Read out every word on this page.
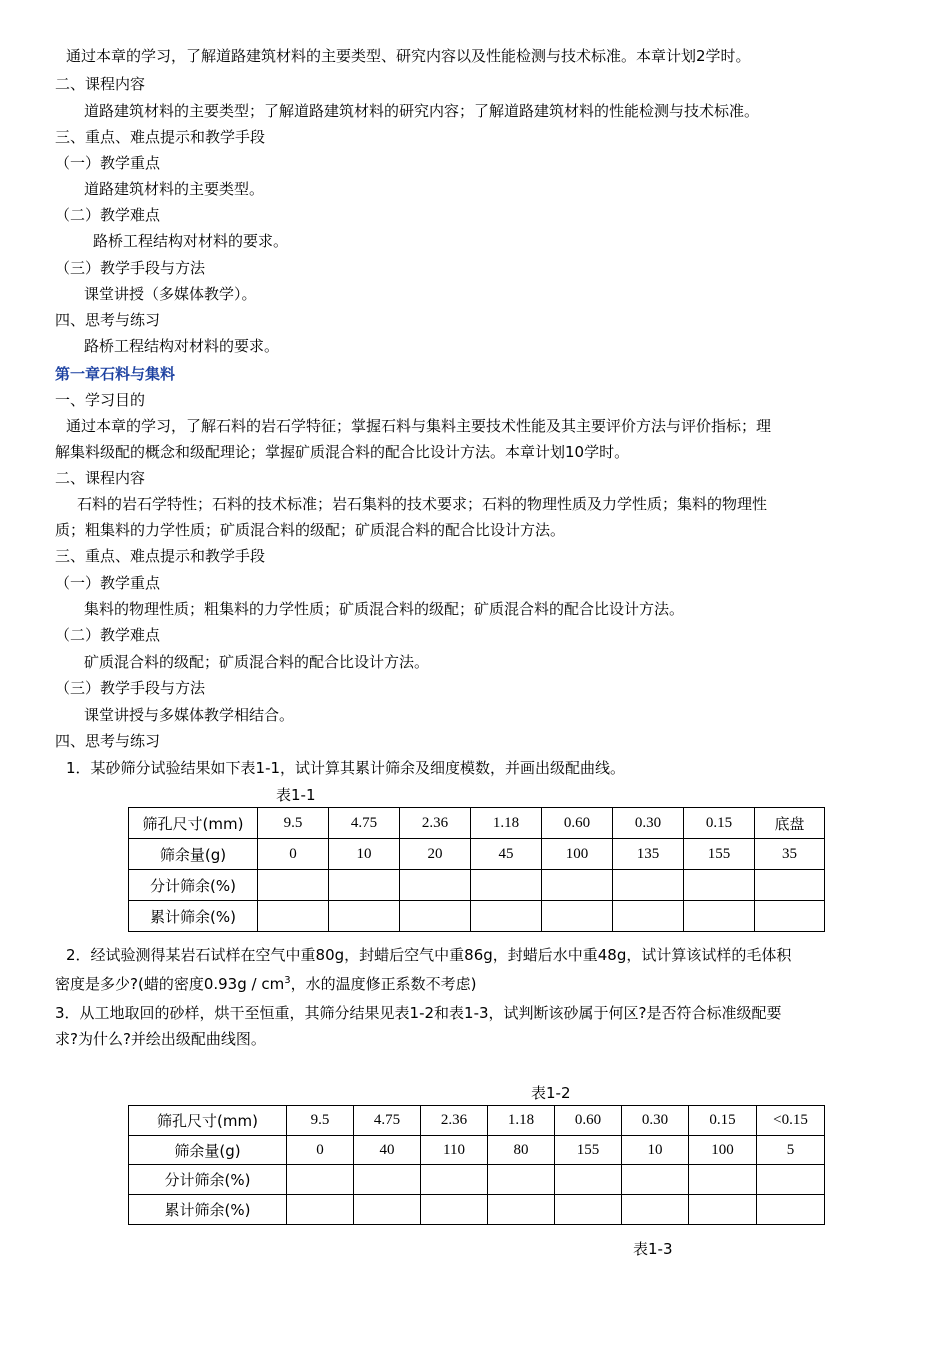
通过本章的学习，了解道路建筑材料的主要类型、研究内容以及性能检测与技术标准。本章计划2学时。
二、课程内容
道路建筑材料的主要类型；了解道路建筑材料的研究内容；了解道路建筑材料的性能检测与技术标准。
三、重点、难点提示和教学手段
（一）教学重点
道路建筑材料的主要类型。
（二）教学难点
路桥工程结构对材料的要求。
（三）教学手段与方法
课堂讲授（多媒体教学）。
四、思考与练习
路桥工程结构对材料的要求。
第一章石料与集料
一、学习目的
通过本章的学习，了解石料的岩石学特征；掌握石料与集料主要技术性能及其主要评价方法与评价指标；理
解集料级配的概念和级配理论；掌握矿质混合料的配合比设计方法。本章计划10学时。
二、课程内容
石料的岩石学特性；石料的技术标准；岩石集料的技术要求；石料的物理性质及力学性质；集料的物理性
质；粗集料的力学性质；矿质混合料的级配；矿质混合料的配合比设计方法。
三、重点、难点提示和教学手段
（一）教学重点
集料的物理性质；粗集料的力学性质；矿质混合料的级配；矿质混合料的配合比设计方法。
（二）教学难点
矿质混合料的级配；矿质混合料的配合比设计方法。
（三）教学手段与方法
课堂讲授与多媒体教学相结合。
四、思考与练习
1．某砂筛分试验结果如下表1-1，试计算其累计筛余及细度模数，并画出级配曲线。
表1-1
筛孔尺寸(mm)	9.5	4.75	2.36	1.18	0.60	0.30	0.15	底盘
筛余量(g)	0	10	20	45	100	135	155	35
分计筛余(%)								
累计筛余(%)								
2．经试验测得某岩石试样在空气中重80g，封蜡后空气中重86g，封蜡后水中重48g，试计算该试样的毛体积
密度是多少?(蜡的密度$0.93g / cm^3$，水的温度修正系数不考虑)
3．从工地取回的砂样，烘干至恒重，其筛分结果见表1-2和表1-3，试判断该砂属于何区?是否符合标准级配要
求?为什么?并绘出级配曲线图。
表1-2
筛孔尺寸(mm)	9.5	4.75	2.36	1.18	0.60	0.30	0.15	<0.15
筛余量(g)	0	40	110	80	155	10	100	5
分计筛余(%)								
累计筛余(%)								
表1-3
